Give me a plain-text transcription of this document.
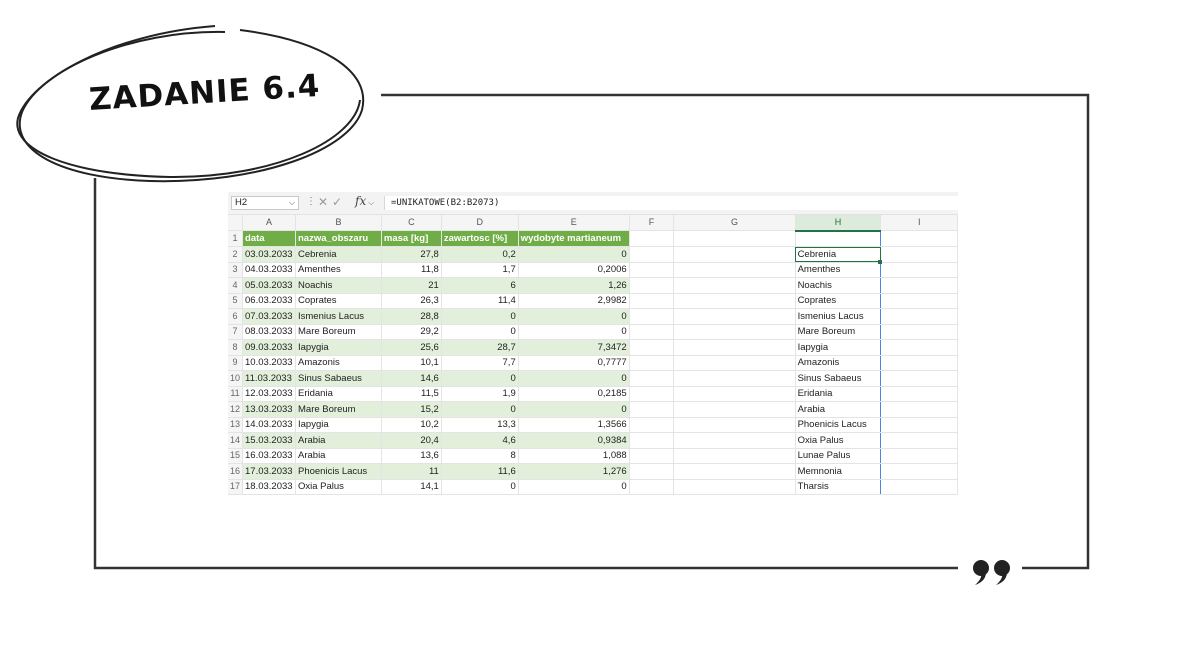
ZADANIE 6.4
H2	⌵ ⋮ ✕✓ fx ⌵	=UNIKATOWE(B2:B2073)
	A	B	C	D	E	F	G	H	I
1	data	nazwa_obszaru	masa [kg]	zawartosc [%]	wydobyte martianeum				
2	03.03.2033	Cebrenia	27,8	0,2	0			Cebrenia

3	04.03.2033	Amenthes	11,8	1,7	0,2006			Amenthes	
4	05.03.2033	Noachis	21	6	1,26			Noachis	
5	06.03.2033	Coprates	26,3	11,4	2,9982			Coprates	
6	07.03.2033	Ismenius Lacus	28,8	0	0			Ismenius Lacus	
7	08.03.2033	Mare Boreum	29,2	0	0			Mare Boreum	
8	09.03.2033	Iapygia	25,6	28,7	7,3472			Iapygia	
9	10.03.2033	Amazonis	10,1	7,7	0,7777			Amazonis	
10	11.03.2033	Sinus Sabaeus	14,6	0	0			Sinus Sabaeus	
11	12.03.2033	Eridania	11,5	1,9	0,2185			Eridania	
12	13.03.2033	Mare Boreum	15,2	0	0			Arabia	
13	14.03.2033	Iapygia	10,2	13,3	1,3566			Phoenicis Lacus	
14	15.03.2033	Arabia	20,4	4,6	0,9384			Oxia Palus	
15	16.03.2033	Arabia	13,6	8	1,088			Lunae Palus	
16	17.03.2033	Phoenicis Lacus	11	11,6	1,276			Memnonia	
17	18.03.2033	Oxia Palus	14,1	0	0			Tharsis	
